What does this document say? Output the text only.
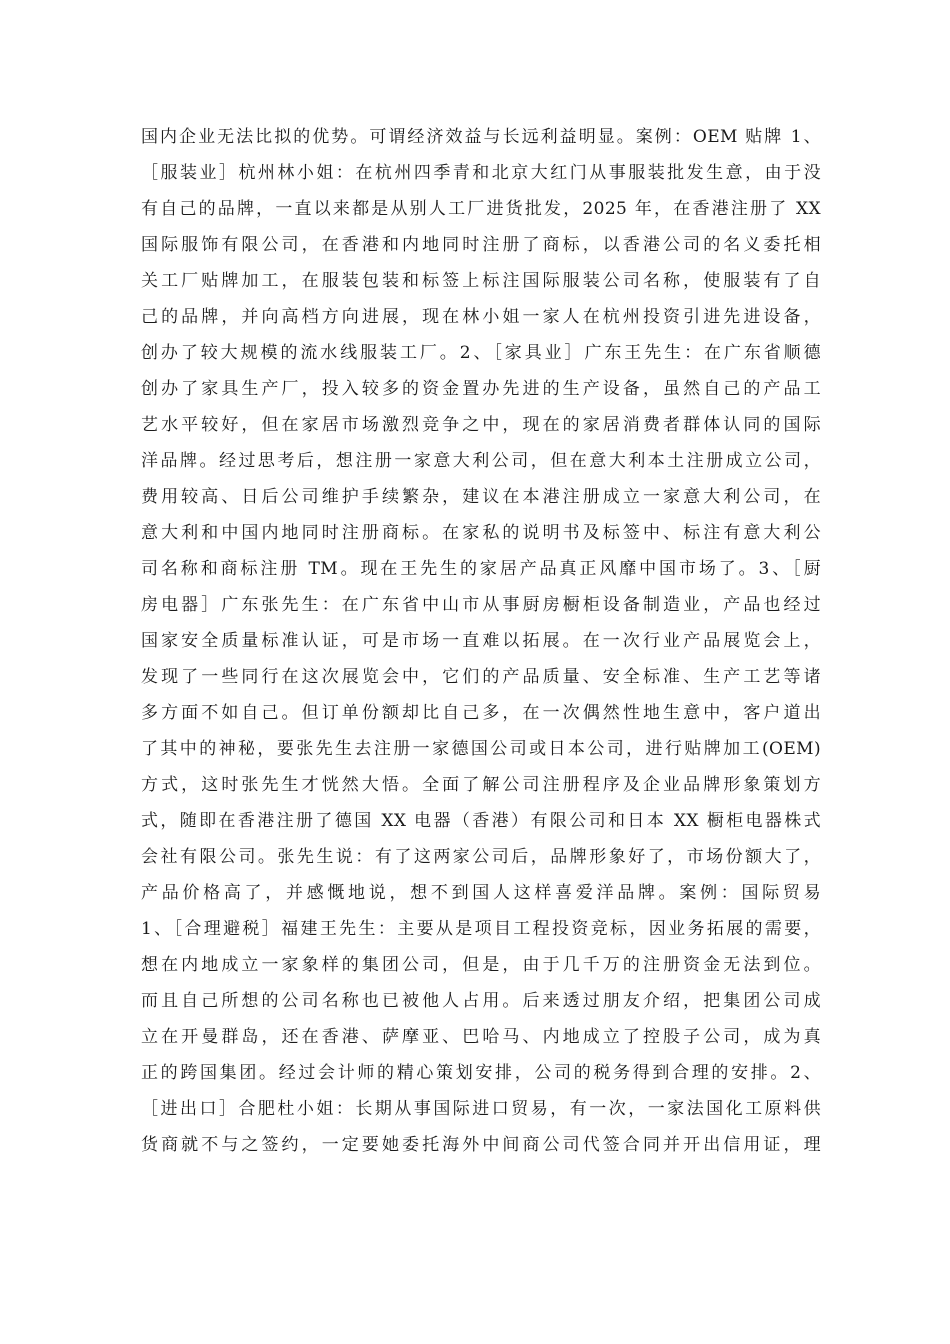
国内企业无法比拟的优势。可谓经济效益与长远利益明显。案例：OEM 贴牌 1、
［服装业］杭州林小姐：在杭州四季青和北京大红门从事服装批发生意，由于没
有自己的品牌，一直以来都是从别人工厂进货批发，2025 年，在香港注册了 XX
国际服饰有限公司，在香港和内地同时注册了商标，以香港公司的名义委托相
关工厂贴牌加工，在服装包装和标签上标注国际服装公司名称，使服装有了自
己的品牌，并向高档方向进展，现在林小姐一家人在杭州投资引进先进设备，
创办了较大规模的流水线服装工厂。2、［家具业］广东王先生：在广东省顺德
创办了家具生产厂，投入较多的资金置办先进的生产设备，虽然自己的产品工
艺水平较好，但在家居市场激烈竞争之中，现在的家居消费者群体认同的国际
洋品牌。经过思考后，想注册一家意大利公司，但在意大利本土注册成立公司，
费用较高、日后公司维护手续繁杂，建议在本港注册成立一家意大利公司，在
意大利和中国内地同时注册商标。在家私的说明书及标签中、标注有意大利公
司名称和商标注册 TM。现在王先生的家居产品真正风靡中国市场了。3、［厨
房电器］广东张先生：在广东省中山市从事厨房橱柜设备制造业，产品也经过
国家安全质量标准认证，可是市场一直难以拓展。在一次行业产品展览会上，
发现了一些同行在这次展览会中，它们的产品质量、安全标准、生产工艺等诸
多方面不如自己。但订单份额却比自己多，在一次偶然性地生意中，客户道出
了其中的神秘，要张先生去注册一家德国公司或日本公司，进行贴牌加工(OEM)
方式，这时张先生才恍然大悟。全面了解公司注册程序及企业品牌形象策划方
式，随即在香港注册了德国 XX 电器（香港）有限公司和日本 XX 橱柜电器株式
会社有限公司。张先生说：有了这两家公司后，品牌形象好了，市场份额大了，
产品价格高了，并感慨地说，想不到国人这样喜爱洋品牌。案例：国际贸易
1、［合理避税］福建王先生：主要从是项目工程投资竞标，因业务拓展的需要，
想在内地成立一家象样的集团公司，但是，由于几千万的注册资金无法到位。
而且自己所想的公司名称也已被他人占用。后来透过朋友介绍，把集团公司成
立在开曼群岛，还在香港、萨摩亚、巴哈马、内地成立了控股子公司，成为真
正的跨国集团。经过会计师的精心策划安排，公司的税务得到合理的安排。2、
［进出口］合肥杜小姐：长期从事国际进口贸易，有一次，一家法国化工原料供
货商就不与之签约，一定要她委托海外中间商公司代签合同并开出信用证，理
